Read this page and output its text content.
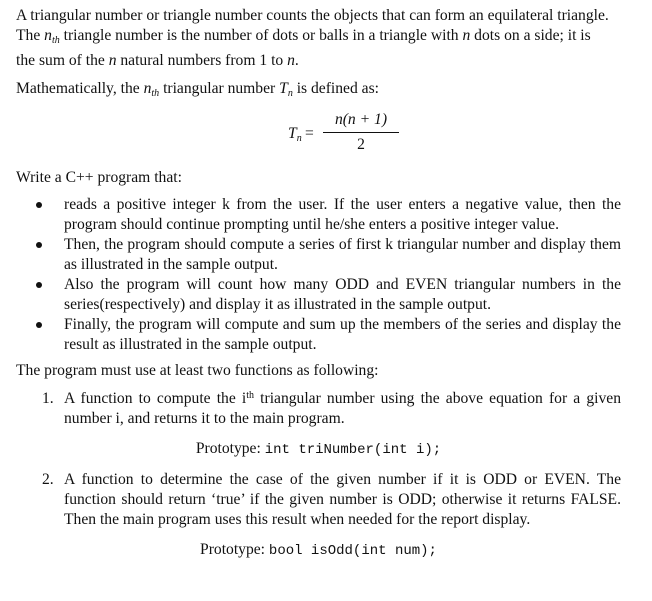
A triangular number or triangle number counts the objects that can form an equilateral triangle.

The nth triangle number is the number of dots or balls in a triangle with n dots on a side; it is

the sum of the n natural numbers from 1 to n.

Mathematically, the nth triangular number Tn is defined as:

Tn =
n(n + 1)
2

Write a C++ program that:

reads a positive integer k from the user. If the user enters a negative value, then the program should continue prompting until he/she enters a positive integer value.
Then, the program should compute a series of first k triangular number and display them as illustrated in the sample output.
Also the program will count how many ODD and EVEN triangular numbers in the series(respectively) and display it as illustrated in the sample output.
Finally, the program will compute and sum up the members of the series and display the result as illustrated in the sample output.

The program must use at least two functions as following:

1. A function to compute the $i^{th}$ triangular number using the above equation for a given number i, and returns it to the main program.

Prototype: int triNumber(int i);

2. A function to determine the case of the given number if it is ODD or EVEN. The function should return ‘true’ if the given number is ODD; otherwise it returns FALSE. Then the main program uses this result when needed for the report display.

Prototype: bool isOdd(int num);
